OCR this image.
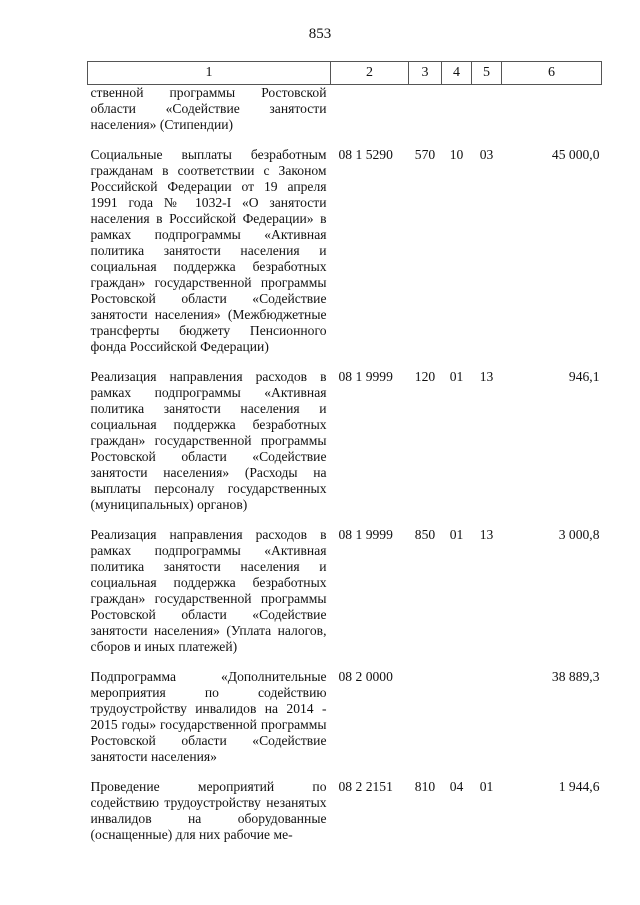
853
1	2	3	4	5	6
ственной программы Ростовской области «Содействие занятости населения» (Стипендии)					
Социальные выплаты безработным гражданам в соответствии с Законом Российской Федерации от 19 апреля 1991 года № 1032-I «О занятости населения в Российской Федерации» в рамках подпрограммы «Активная политика занятости населения и социальная поддержка безработных граждан» государственной программы Ростовской области «Содействие занятости населения» (Межбюджетные трансферты бюджету Пенсионного фонда Российской Федерации)	08 1 5290	570	10	03	45 000,0
Реализация направления расходов в рамках подпрограммы «Активная политика занятости населения и социальная поддержка безработных граждан» государственной программы Ростовской области «Содействие занятости населения» (Расходы на выплаты персоналу государственных (муниципальных) органов)	08 1 9999	120	01	13	946,1
Реализация направления расходов в рамках подпрограммы «Активная политика занятости населения и социальная поддержка безработных граждан» государственной программы Ростовской области «Содействие занятости населения» (Уплата налогов, сборов и иных платежей)	08 1 9999	850	01	13	3 000,8
Подпрограмма «Дополнительные мероприятия по содействию трудоустройству инвалидов на 2014 - 2015 годы» государственной программы Ростовской области «Содействие занятости населения»	08 2 0000				38 889,3
Проведение мероприятий по содействию трудоустройству незанятых инвалидов на оборудованные (оснащенные) для них рабочие ме-	08 2 2151	810	04	01	1 944,6
